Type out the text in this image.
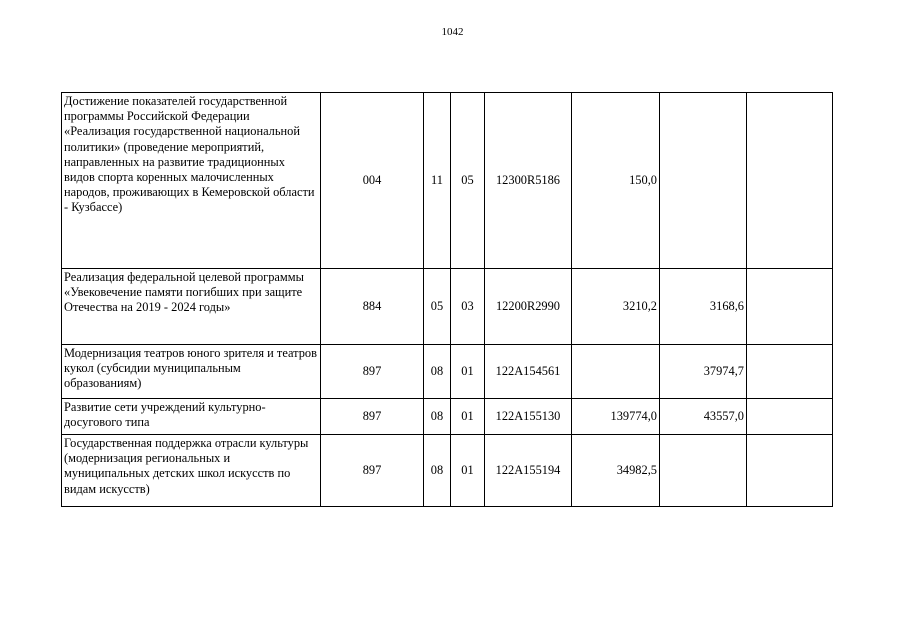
1042
Достижение показателей государственной программы Российской Федерации «Реализация государственной национальной политики» (проведение мероприятий, направленных на развитие традиционных видов спорта коренных малочисленных народов, проживающих в Кемеровской области - Кузбассе)	004	11	05	12300R5186	150,0		
Реализация федеральной целевой программы «Увековечение памяти погибших при защите Отечества на 2019 - 2024 годы»	884	05	03	12200R2990	3210,2	3168,6	
Модернизация театров юного зрителя и театров кукол (субсидии муниципальным образованиям)	897	08	01	122A154561		37974,7	
Развитие сети учреждений культурно-досугового типа	897	08	01	122A155130	139774,0	43557,0	
Государственная поддержка отрасли культуры (модернизация региональных и муниципальных детских школ искусств по видам искусств)	897	08	01	122A155194	34982,5		
